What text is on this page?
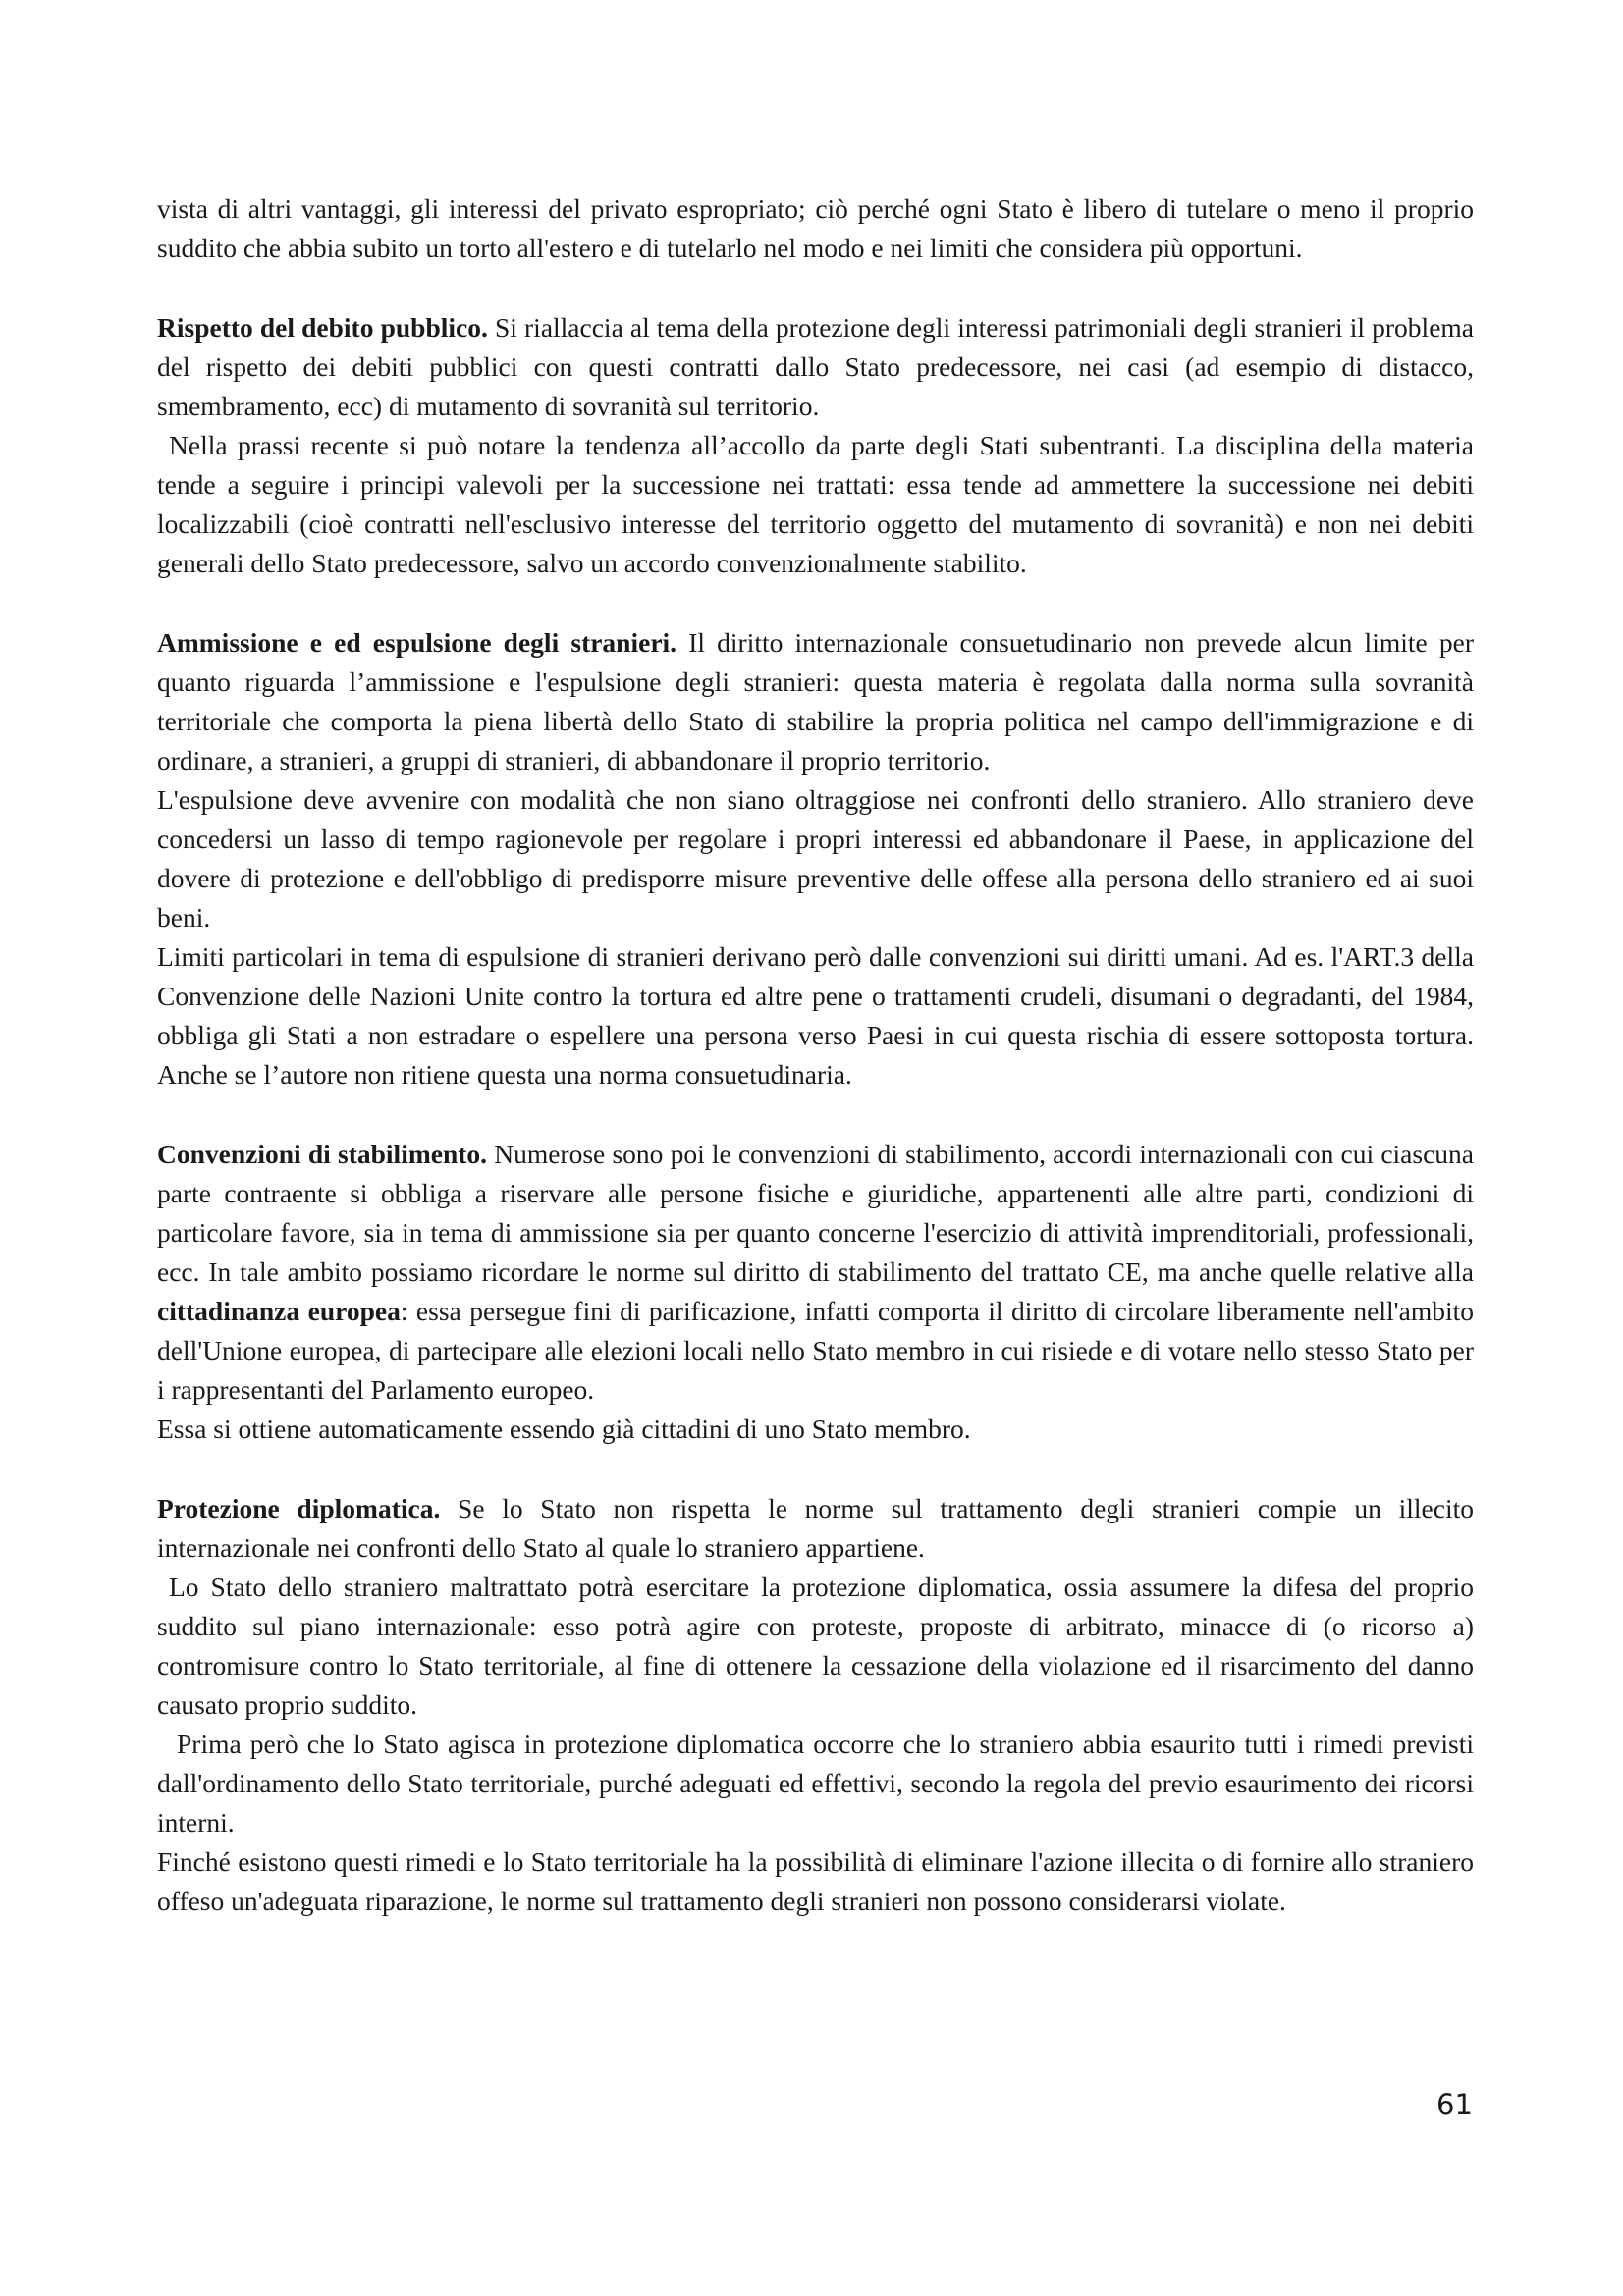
vista di altri vantaggi, gli interessi del privato espropriato; ciò perché ogni Stato è libero di tutelare o meno il proprio suddito che abbia subito un torto all'estero e di tutelarlo nel modo e nei limiti che considera più opportuni.

Rispetto del debito pubblico. Si riallaccia al tema della protezione degli interessi patrimoniali degli stranieri il problema del rispetto dei debiti pubblici con questi contratti dallo Stato predecessore, nei casi (ad esempio di distacco, smembramento, ecc) di mutamento di sovranità sul territorio.

Nella prassi recente si può notare la tendenza all’accollo da parte degli Stati subentranti. La disciplina della materia tende a seguire i principi valevoli per la successione nei trattati: essa tende ad ammettere la successione nei debiti localizzabili (cioè contratti nell'esclusivo interesse del territorio oggetto del mutamento di sovranità) e non nei debiti generali dello Stato predecessore, salvo un accordo convenzionalmente stabilito.

Ammissione e ed espulsione degli stranieri. Il diritto internazionale consuetudinario non prevede alcun limite per quanto riguarda l’ammissione e l'espulsione degli stranieri: questa materia è regolata dalla norma sulla sovranità territoriale che comporta la piena libertà dello Stato di stabilire la propria politica nel campo dell'immigrazione e di ordinare, a stranieri, a gruppi di stranieri, di abbandonare il proprio territorio.

L'espulsione deve avvenire con modalità che non siano oltraggiose nei confronti dello straniero. Allo straniero deve concedersi un lasso di tempo ragionevole per regolare i propri interessi ed abbandonare il Paese, in applicazione del dovere di protezione e dell'obbligo di predisporre misure preventive delle offese alla persona dello straniero ed ai suoi beni.

Limiti particolari in tema di espulsione di stranieri derivano però dalle convenzioni sui diritti umani. Ad es. l'ART.3 della Convenzione delle Nazioni Unite contro la tortura ed altre pene o trattamenti crudeli, disumani o degradanti, del 1984, obbliga gli Stati a non estradare o espellere una persona verso Paesi in cui questa rischia di essere sottoposta tortura. Anche se l’autore non ritiene questa una norma consuetudinaria.

Convenzioni di stabilimento. Numerose sono poi le convenzioni di stabilimento, accordi internazionali con cui ciascuna parte contraente si obbliga a riservare alle persone fisiche e giuridiche, appartenenti alle altre parti, condizioni di particolare favore, sia in tema di ammissione sia per quanto concerne l'esercizio di attività imprenditoriali, professionali, ecc. In tale ambito possiamo ricordare le norme sul diritto di stabilimento del trattato CE, ma anche quelle relative alla cittadinanza europea: essa persegue fini di parificazione, infatti comporta il diritto di circolare liberamente nell'ambito dell'Unione europea, di partecipare alle elezioni locali nello Stato membro in cui risiede e di votare nello stesso Stato per i rappresentanti del Parlamento europeo.

Essa si ottiene automaticamente essendo già cittadini di uno Stato membro.

Protezione diplomatica. Se lo Stato non rispetta le norme sul trattamento degli stranieri compie un illecito internazionale nei confronti dello Stato al quale lo straniero appartiene.

Lo Stato dello straniero maltrattato potrà esercitare la protezione diplomatica, ossia assumere la difesa del proprio suddito sul piano internazionale: esso potrà agire con proteste, proposte di arbitrato, minacce di (o ricorso a) contromisure contro lo Stato territoriale, al fine di ottenere la cessazione della violazione ed il risarcimento del danno causato proprio suddito.

Prima però che lo Stato agisca in protezione diplomatica occorre che lo straniero abbia esaurito tutti i rimedi previsti dall'ordinamento dello Stato territoriale, purché adeguati ed effettivi, secondo la regola del previo esaurimento dei ricorsi interni.

Finché esistono questi rimedi e lo Stato territoriale ha la possibilità di eliminare l'azione illecita o di fornire allo straniero offeso un'adeguata riparazione, le norme sul trattamento degli stranieri non possono considerarsi violate.

61
